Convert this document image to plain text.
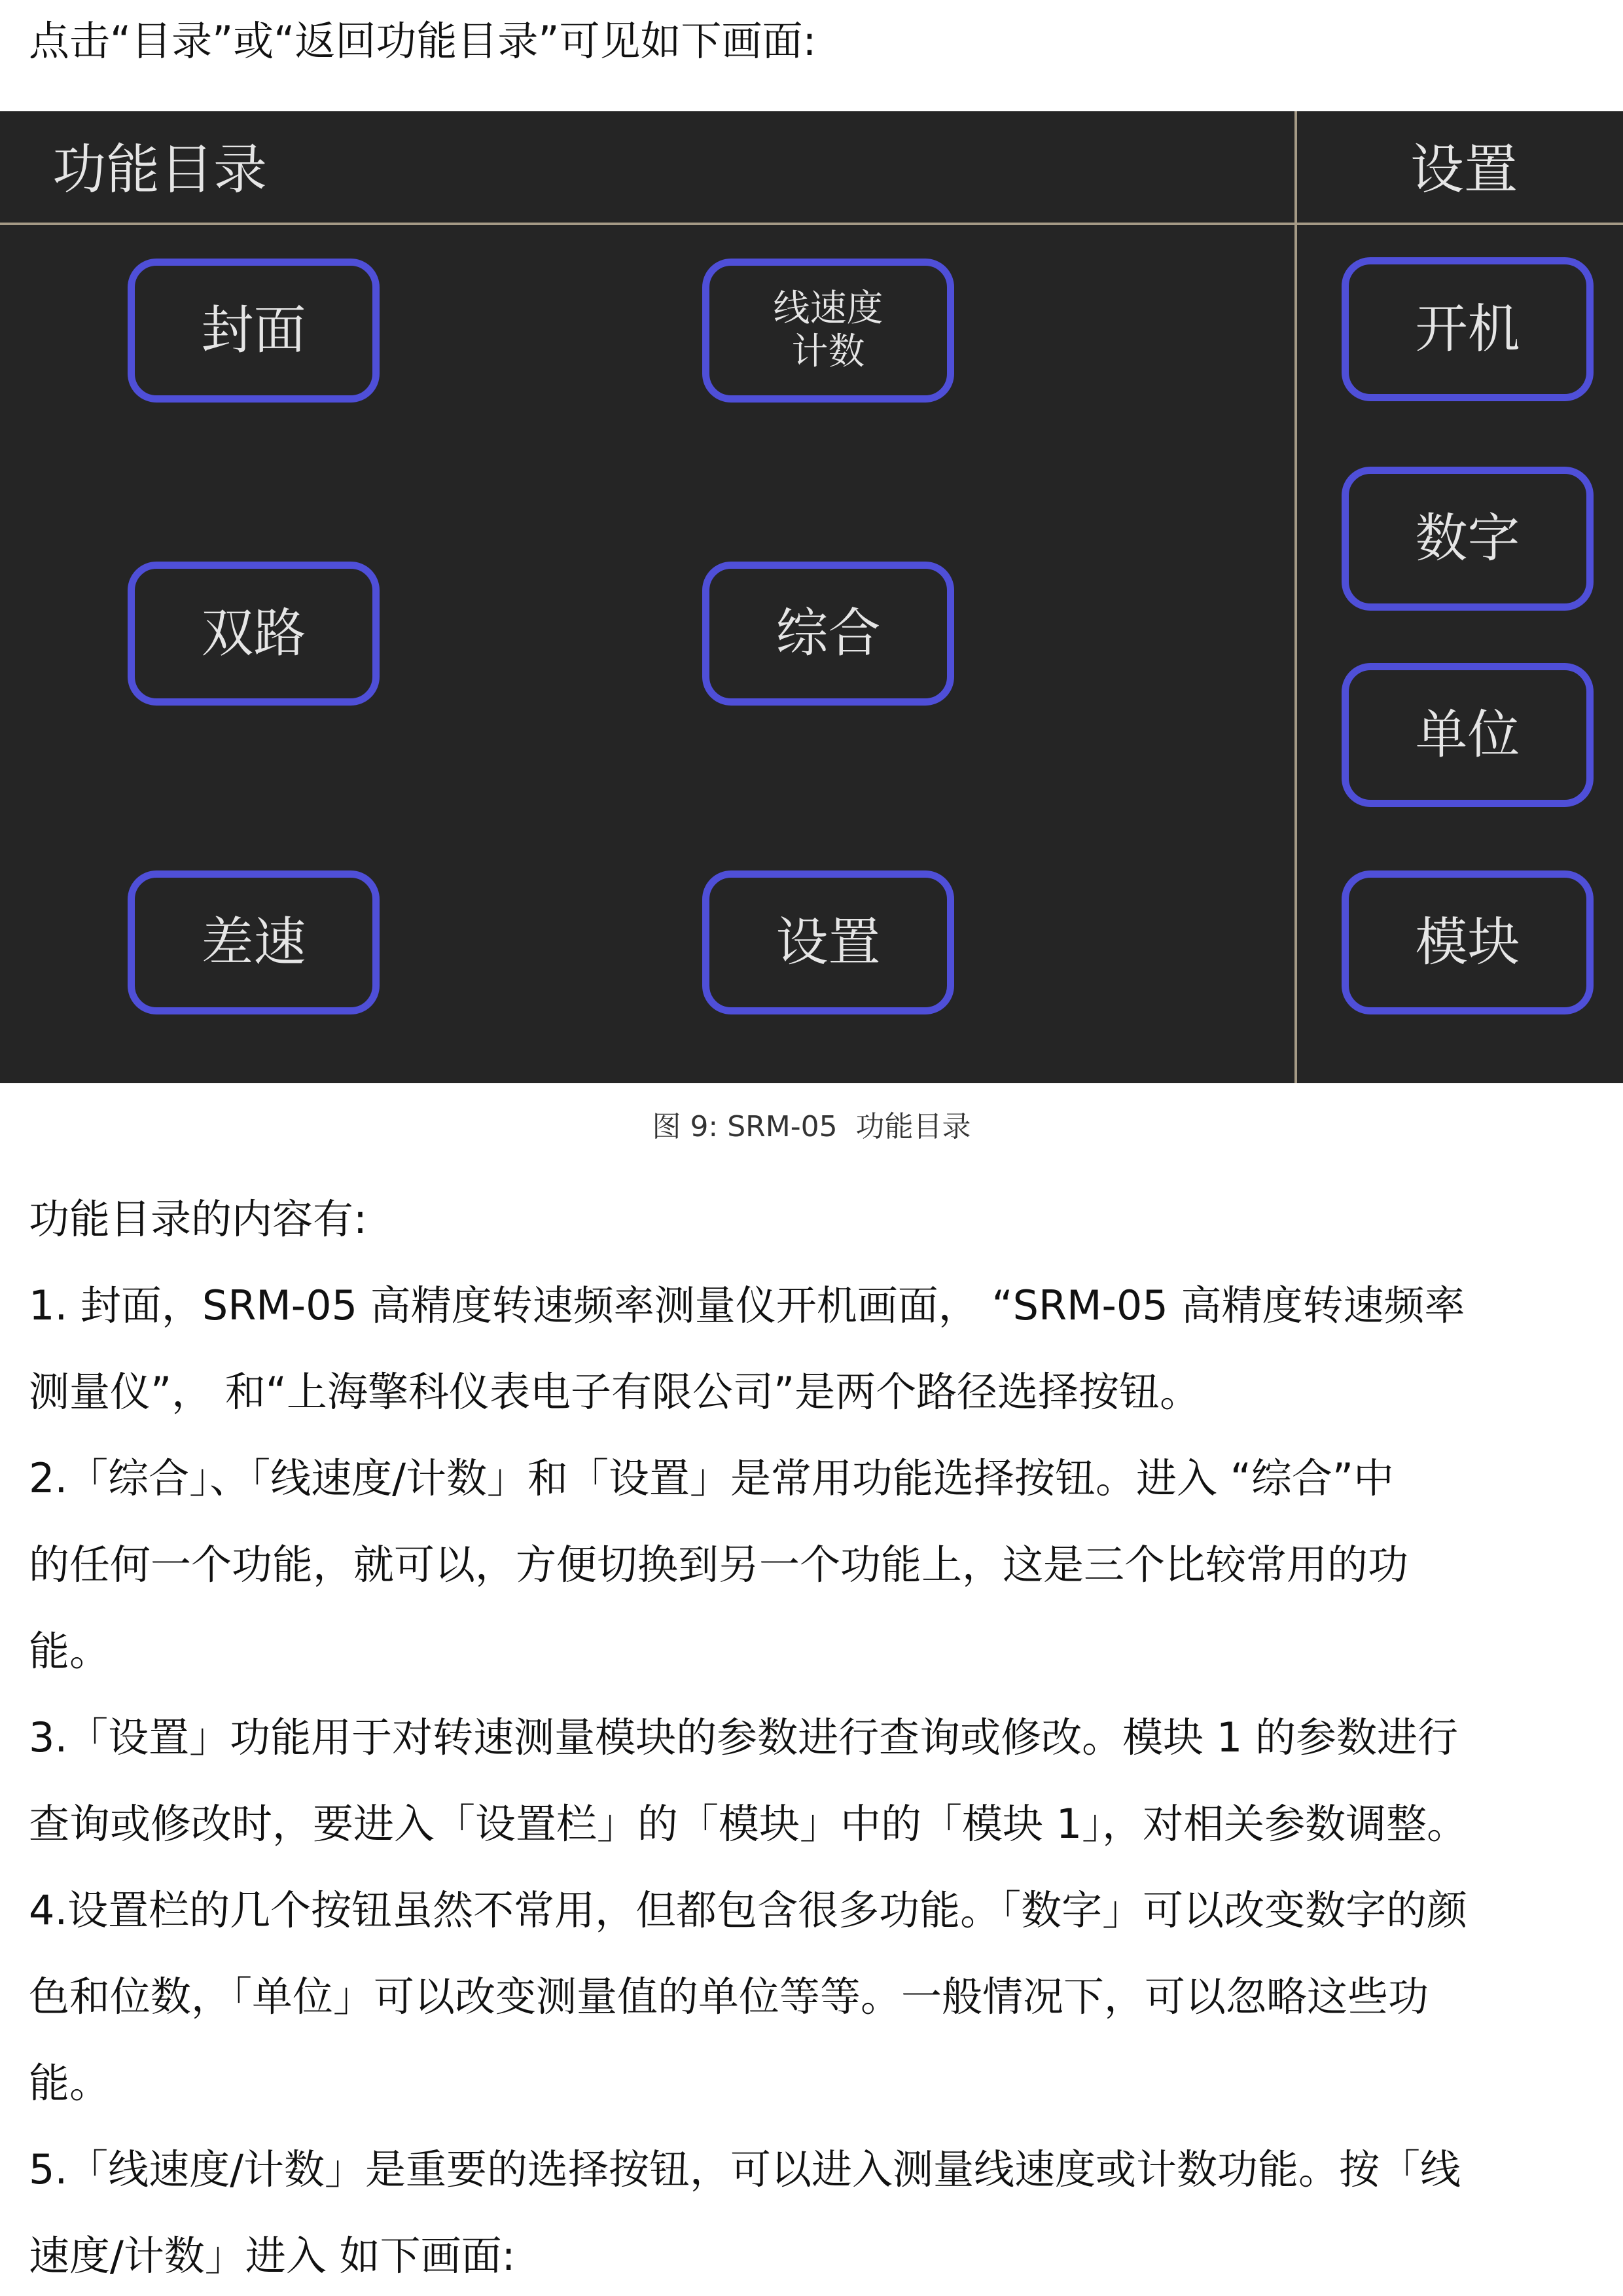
点击“目录”或“返回功能目录”可见如下画面:
功能目录	设置
封面	线速度
计数
双路	综合
差速	设置
开机
数字
单位
模块
图 9: SRM-05  功能目录
功能目录的内容有:
1. 封面，SRM-05 高精度转速频率测量仪开机画面， “SRM-05 高精度转速频率
测量仪”， 和“上海擎科仪表电子有限公司”是两个路径选择按钮。
2.「综合」、「线速度/计数」和「设置」是常用功能选择按钮。进入 “综合”中
的任何一个功能，就可以，方便切换到另一个功能上，这是三个比较常用的功
能。
3.「设置」功能用于对转速测量模块的参数进行查询或修改。模块 1 的参数进行
查询或修改时，要进入「设置栏」的「模块」中的「模块 1」，对相关参数调整。
4.设置栏的几个按钮虽然不常用，但都包含很多功能。「数字」可以改变数字的颜
色和位数，「单位」可以改变测量值的单位等等。一般情况下，可以忽略这些功
能。
5.「线速度/计数」是重要的选择按钮，可以进入测量线速度或计数功能。按「线
速度/计数」进入 如下画面:
